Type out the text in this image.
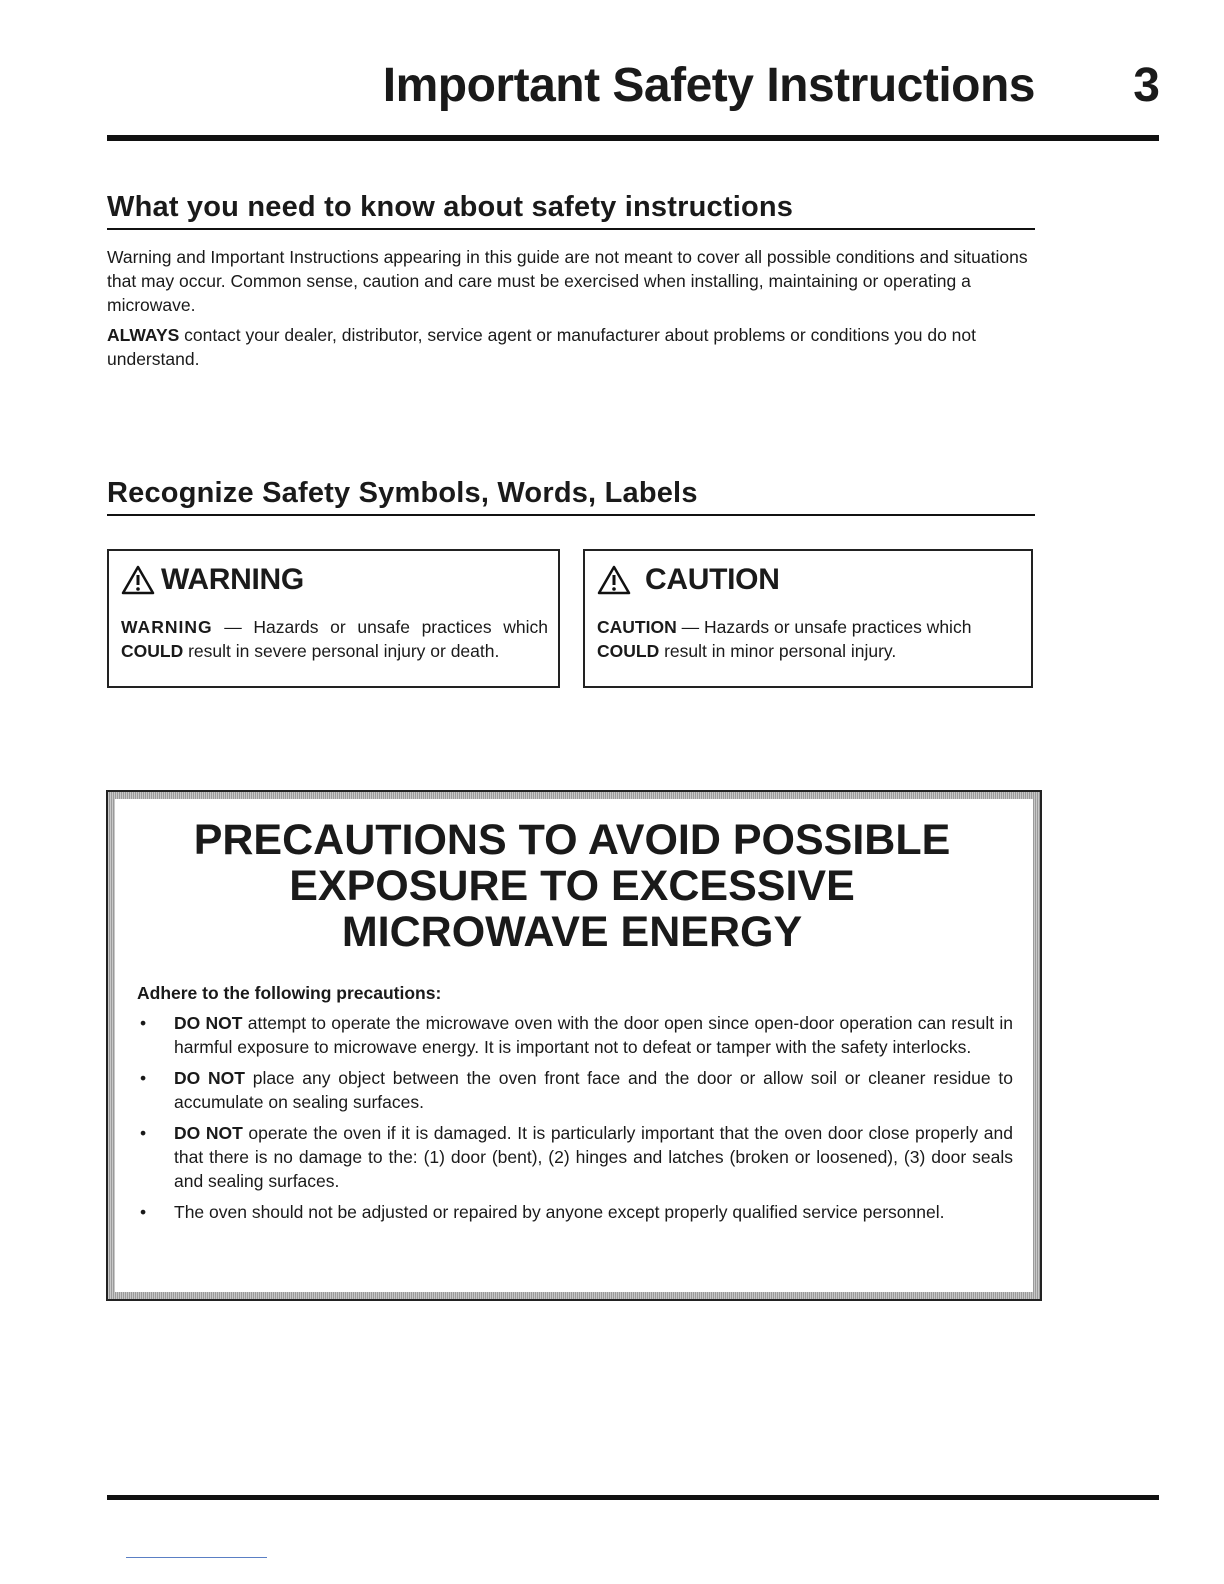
Important Safety Instructions	3
What you need to know about safety instructions

Warning and Important Instructions appearing in this guide are not meant to cover all possible conditions and situations that may occur. Common sense, caution and care must be exercised when installing, maintaining or operating a microwave.

ALWAYS contact your dealer, distributor, service agent or manufacturer about problems or conditions you do not understand.

Recognize Safety Symbols, Words, Labels
WARNING

WARNING — Hazards or unsafe practices which COULD result in severe personal injury or death.

CAUTION

CAUTION — Hazards or unsafe practices which COULD result in minor personal injury.

PRECAUTIONS TO AVOID POSSIBLE
EXPOSURE TO EXCESSIVE
MICROWAVE ENERGY

Adhere to the following precautions:

• DO NOT attempt to operate the microwave oven with the door open since open-door operation can result in harmful exposure to microwave energy. It is important not to defeat or tamper with the safety interlocks.
• DO NOT place any object between the oven front face and the door or allow soil or cleaner residue to accumulate on sealing surfaces.
• DO NOT operate the oven if it is damaged. It is particularly important that the oven door close properly and that there is no damage to the: (1) door (bent), (2) hinges and latches (broken or loosened), (3) door seals and sealing surfaces.
• The oven should not be adjusted or repaired by anyone except properly qualified service personnel.
